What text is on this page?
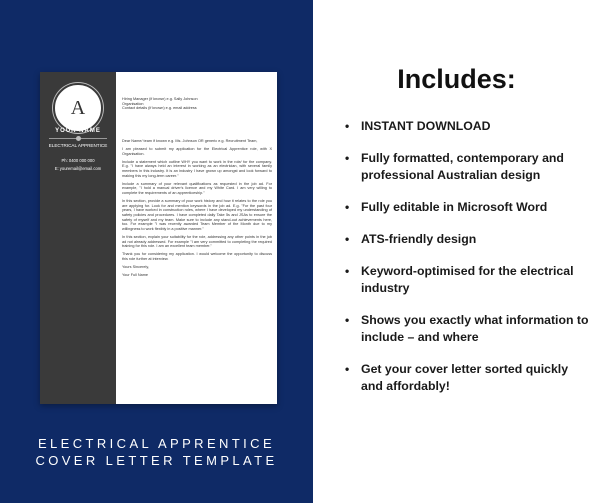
A
YOUR NAME
ELECTRICAL APPRENTICE
Ph: 0400 000 000
E: youremail@email.com
Hiring Manager (if known) e.g. Sally Johnson
Organisation
Contact details (if known) e.g. email address
Dear Name/ team if known e.g. Ms. Johnson OR generic e.g. Recruitment Team,
I am pleased to submit my application for the Electrical Apprentice role, with X Organisation.
Include a statement which outline WHY you want to work in the role/ for the company. E.g. "I have always held an interest in working as an electrician, with several family members in this industry. It is an industry I have grown up amongst and look forward to making this my long-term career."
Include a summary of your relevant qualifications as requested in the job ad. For example, "I hold a manual driver's licence and my White Card. I am very willing to complete the requirements of an apprenticeship."
In this section, provide a summary of your work history and how it relates to the role you are applying for. Look for and mention keywords in the job ad. E.g. "For the past four years, I have worked in construction roles, where I have developed my understanding of safety policies and procedures. I have completed daily Take 5s and JSAs to ensure the safety of myself and my team. Make sure to include any stand-out achievements here, too. For example "I was recently awarded Team Member of the Month due to my willingness to work flexibly in a positive manner."
In this section, explain your suitability for the role, addressing any other points in the job ad not already addressed. For example "I am very committed to completing the required training for this role. I am an excellent team member."
Thank you for considering my application. I would welcome the opportunity to discuss this role further at interview.
Yours Sincerely,
Your Full Name
ELECTRICAL APPRENTICE
COVER LETTER TEMPLATE
Includes:
• INSTANT DOWNLOAD
• Fully formatted, contemporary and professional Australian design
• Fully editable in Microsoft Word
• ATS-friendly design
• Keyword-optimised for the electrical industry
• Shows you exactly what information to include – and where
• Get your cover letter sorted quickly and affordably!
